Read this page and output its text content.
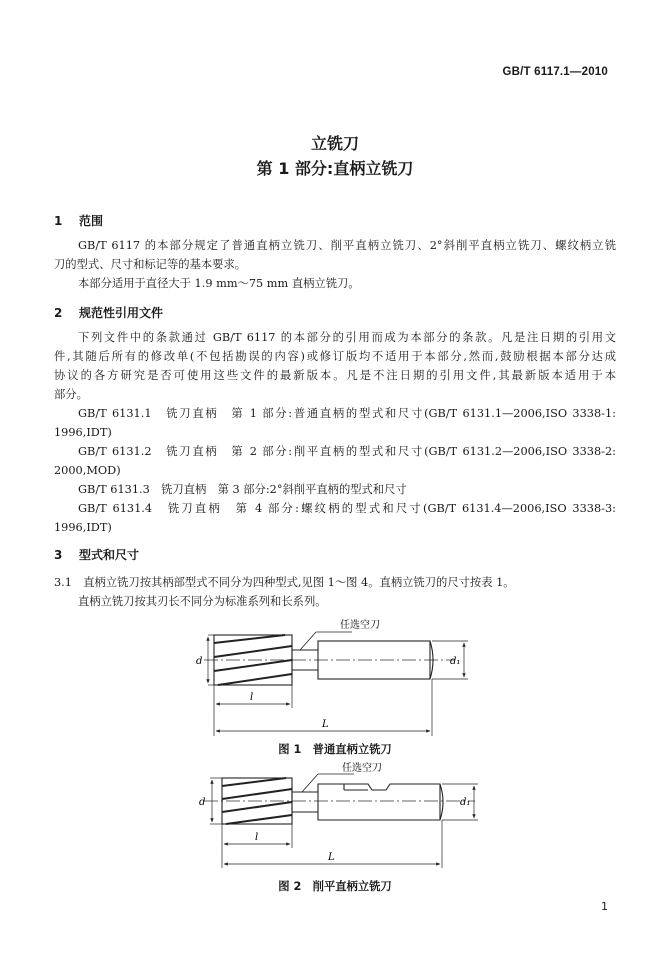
GB/T 6117.1—2010
立铣刀
第 1 部分:直柄立铣刀
1 范围
GB/T 6117 的本部分规定了普通直柄立铣刀、削平直柄立铣刀、2°斜削平直柄立铣刀、螺纹柄立铣
刀的型式、尺寸和标记等的基本要求。
本部分适用于直径大于 1.9 mm～75 mm 直柄立铣刀。
2 规范性引用文件
下列文件中的条款通过 GB/T 6117 的本部分的引用而成为本部分的条款。凡是注日期的引用文
件,其随后所有的修改单(不包括勘误的内容)或修订版均不适用于本部分,然而,鼓励根据本部分达成
协议的各方研究是否可使用这些文件的最新版本。凡是不注日期的引用文件,其最新版本适用于本
部分。
GB/T 6131.1　铣刀直柄　第 1 部分:普通直柄的型式和尺寸(GB/T 6131.1—2006,ISO 3338-1:
1996,IDT)
GB/T 6131.2　铣刀直柄　第 2 部分:削平直柄的型式和尺寸(GB/T 6131.2—2006,ISO 3338-2:
2000,MOD)
GB/T 6131.3　铣刀直柄　第 3 部分:2°斜削平直柄的型式和尺寸
GB/T 6131.4　铣刀直柄　第 4 部分:螺纹柄的型式和尺寸(GB/T 6131.4—2006,ISO 3338-3:
1996,IDT)
3 型式和尺寸
3.1　直柄立铣刀按其柄部型式不同分为四种型式,见图 1～图 4。直柄立铣刀的尺寸按表 1。
直柄立铣刀按其刃长不同分为标准系列和长系列。
任选空刀
d	d₁
l
L
图 1　普通直柄立铣刀
任选空刀
d	d₁
l
L
图 2　削平直柄立铣刀
1
